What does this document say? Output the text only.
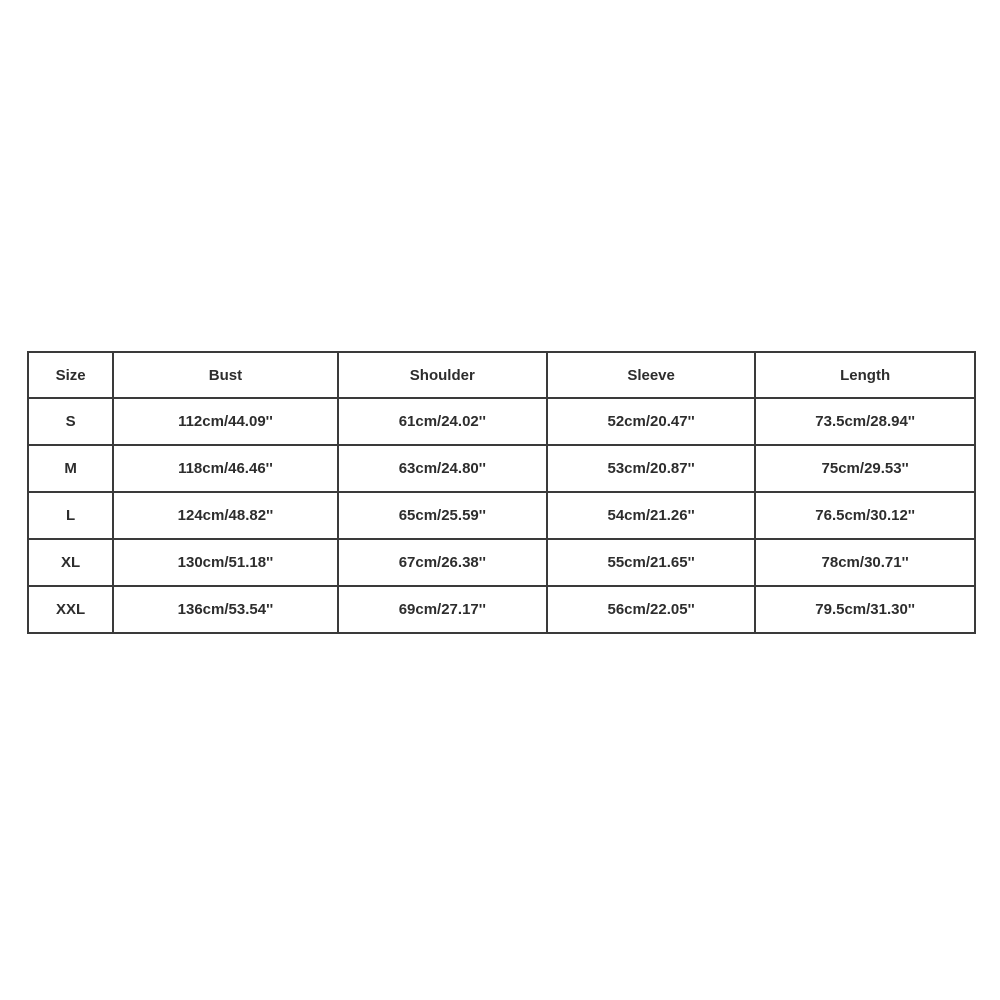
Size	Bust	Shoulder	Sleeve	Length
S	112cm/44.09''	61cm/24.02''	52cm/20.47''	73.5cm/28.94''
M	118cm/46.46''	63cm/24.80''	53cm/20.87''	75cm/29.53''
L	124cm/48.82''	65cm/25.59''	54cm/21.26''	76.5cm/30.12''
XL	130cm/51.18''	67cm/26.38''	55cm/21.65''	78cm/30.71''
XXL	136cm/53.54''	69cm/27.17''	56cm/22.05''	79.5cm/31.30''
